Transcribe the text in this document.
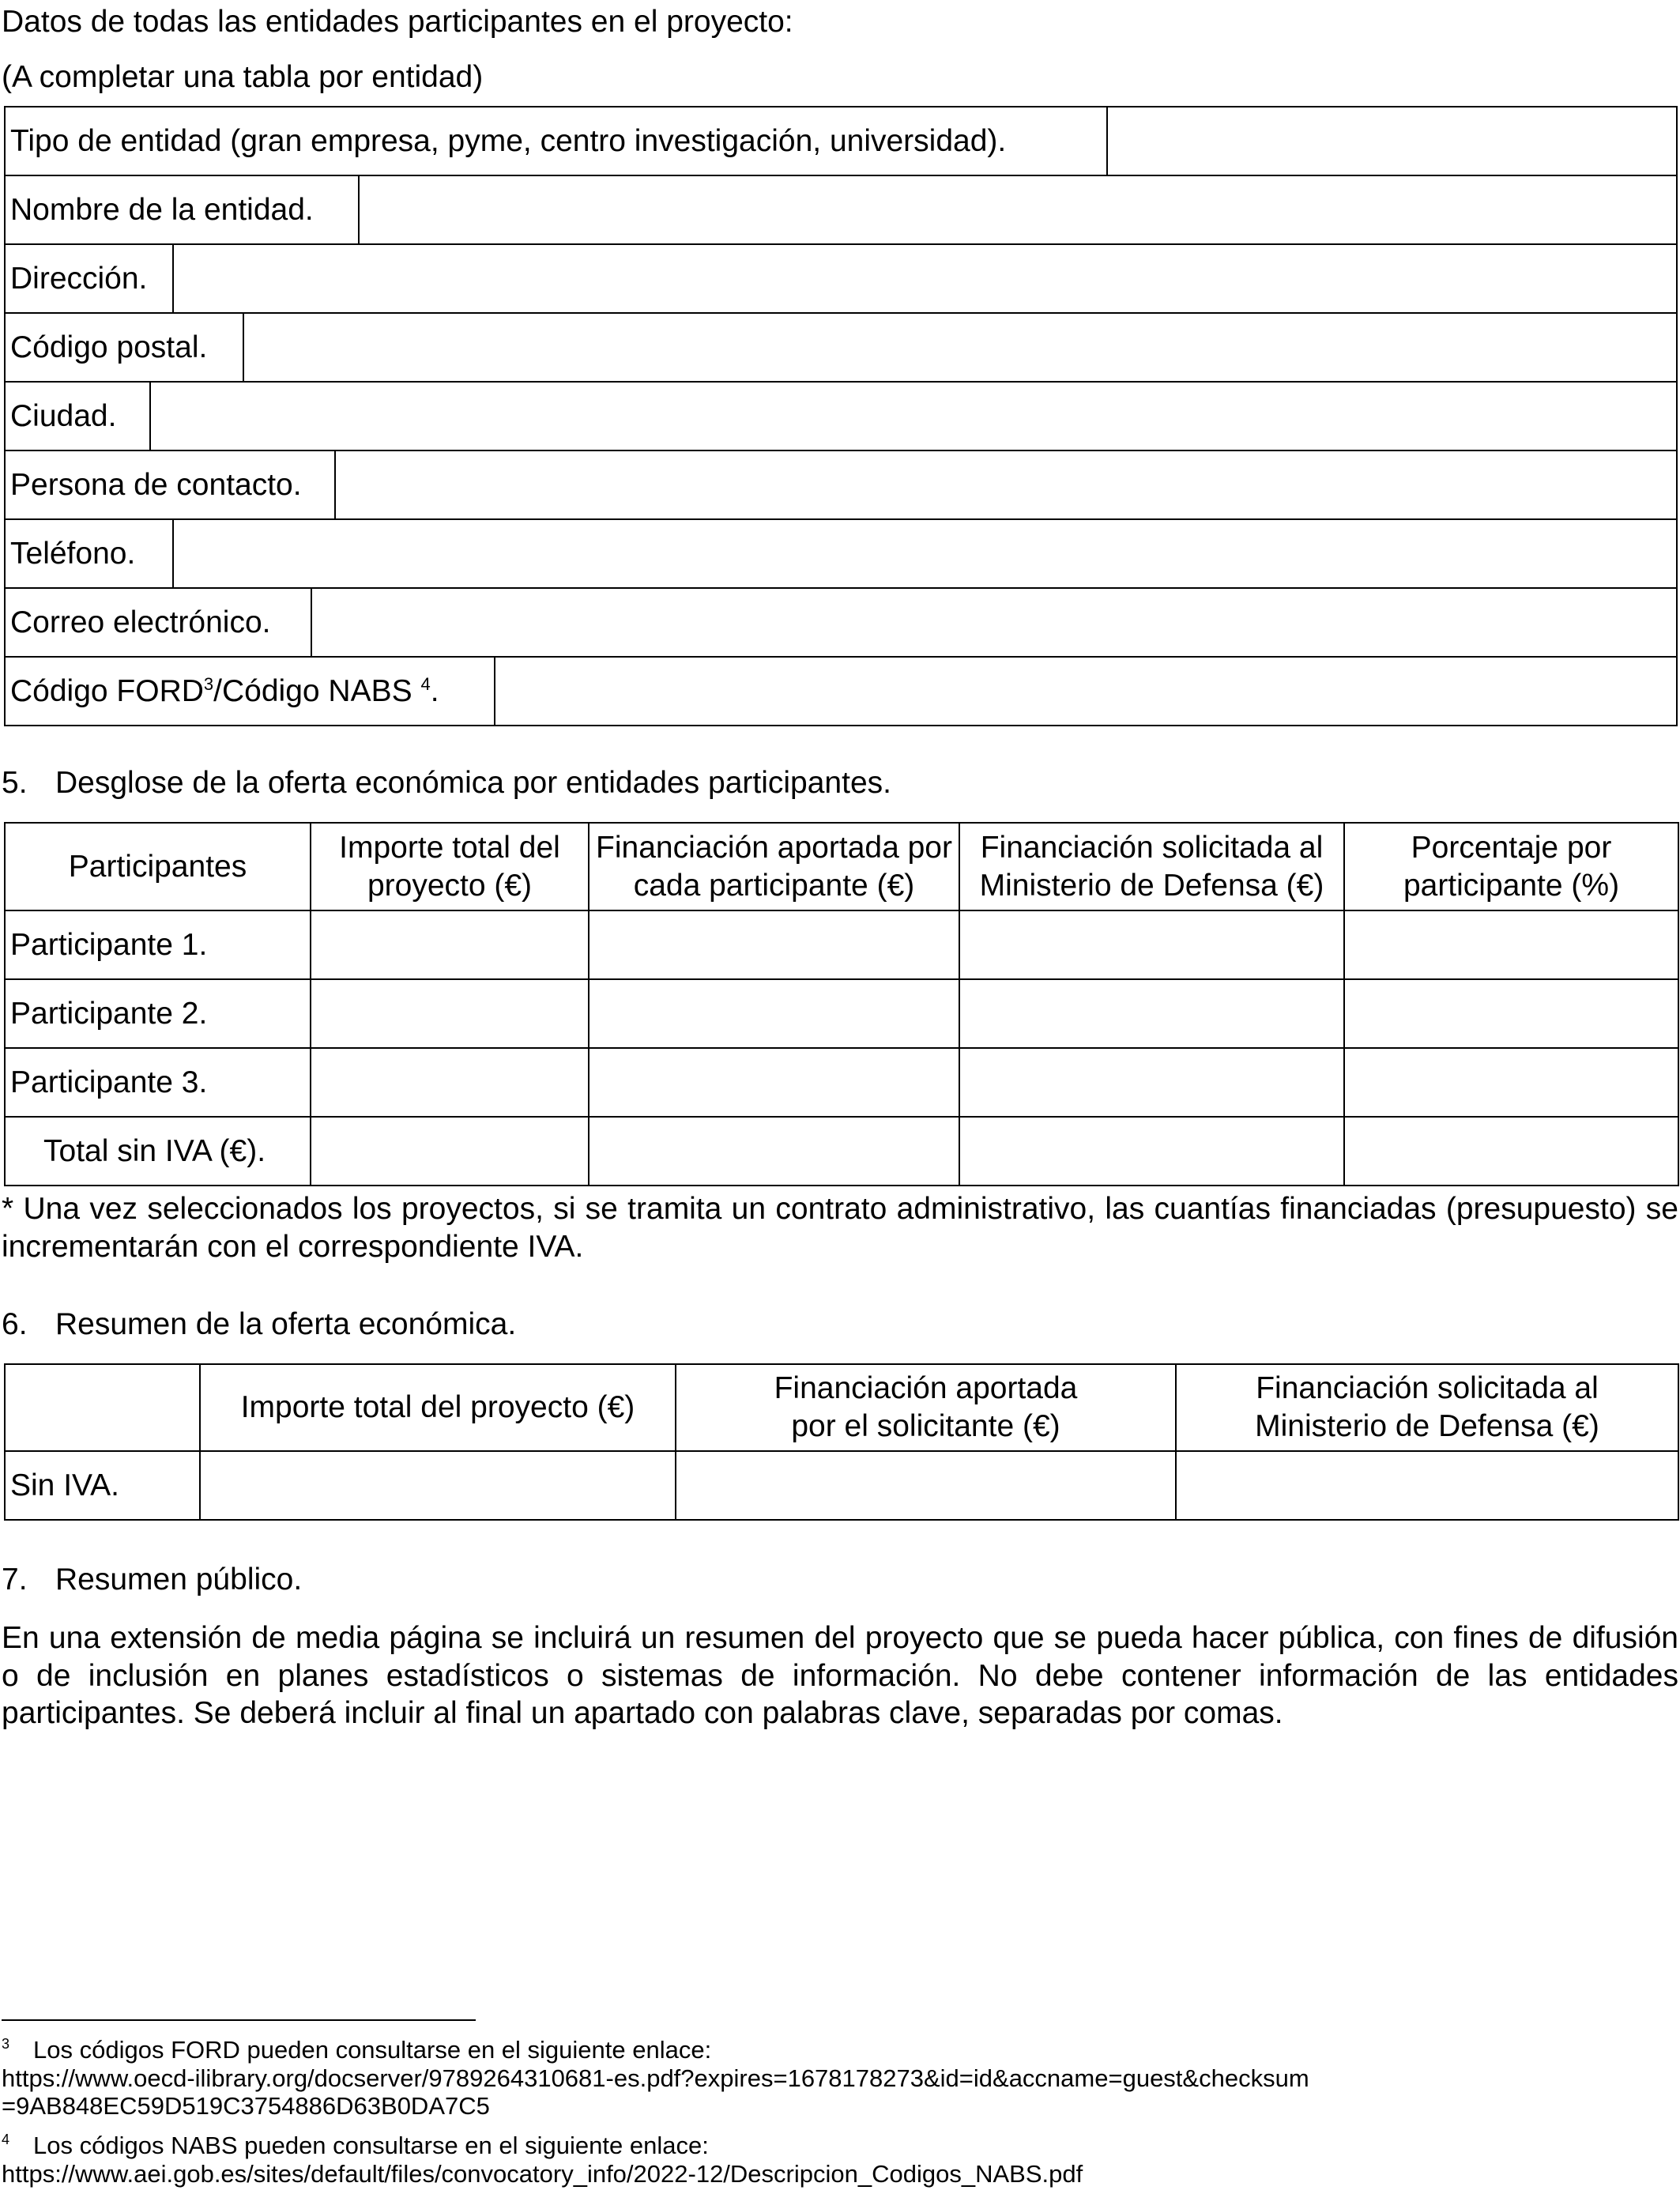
Datos de todas las entidades participantes en el proyecto:

(A completar una tabla por entidad)

Tipo de entidad (gran empresa, pyme, centro investigación, universidad).	
Nombre de la entidad.	
Dirección.	
Código postal.	
Ciudad.	
Persona de contacto.	
Teléfono.	
Correo electrónico.	
Código FORD$^3$/Código NABS $^4$.	

5. Desglose de la oferta económica por entidades participantes.

Participantes	Importe total del proyecto (€)	Financiación aportada por cada participante (€)	Financiación solicitada al Ministerio de Defensa (€)	Porcentaje por participante (%)
Participante 1.				
Participante 2.				
Participante 3.				
Total sin IVA (€).				

* Una vez seleccionados los proyectos, si se tramita un contrato administrativo, las cuantías financiadas (presupuesto) se incrementarán con el correspondiente IVA.

6. Resumen de la oferta económica.

	Importe total del proyecto (€)	Financiación aportada por el solicitante (€)	Financiación solicitada al Ministerio de Defensa (€)
Sin IVA.			

7. Resumen público.

En una extensión de media página se incluirá un resumen del proyecto que se pueda hacer pública, con fines de difusión o de inclusión en planes estadísticos o sistemas de información. No debe contener información de las entidades participantes. Se deberá incluir al final un apartado con palabras clave, separadas por comas.

$^3$ Los códigos FORD pueden consultarse en el siguiente enlace:

https://www.oecd-ilibrary.org/docserver/9789264310681-es.pdf?expires=1678178273&id=id&accname=guest&checksum=9AB848EC59D519C3754886D63B0DA7C5

$^4$ Los códigos NABS pueden consultarse en el siguiente enlace:

https://www.aei.gob.es/sites/default/files/convocatory_info/2022-12/Descripcion_Codigos_NABS.pdf
